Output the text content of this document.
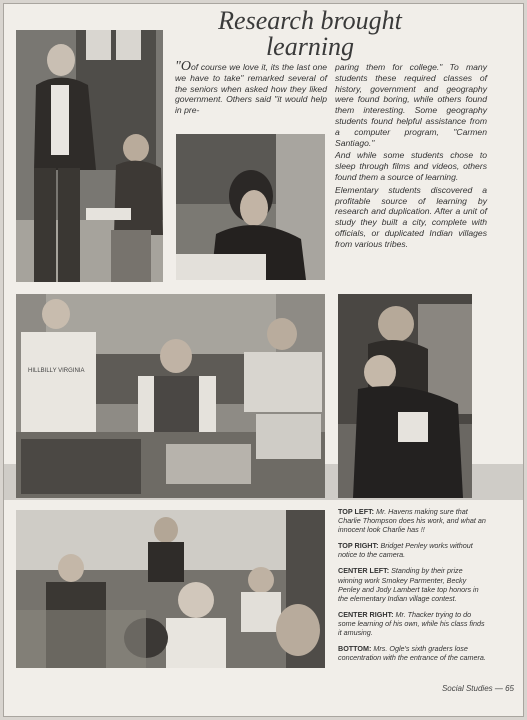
Research brought learning

"Oof course we love it, its the last one we have to take" remarked several of the seniors when asked how they liked government. Others said "it would help in pre-

paring them for college." To many students these required classes of history, government and geography were found boring, while others found them interesting. Some geography students found helpful assistance from a computer program, "Carmen Santiago."

And while some students chose to sleep through films and videos, others found them a source of learning.

Elementary students discovered a profitable source of learning by research and duplication. After a unit of study they built a city, complete with officials, or duplicated Indian villages from various tribes.

HILLBILLY VIRGINIA

TOP LEFT: Mr. Havens making sure that Charlie Thompson does his work, and what an innocent look Charlie has !!

TOP RIGHT: Bridget Penley works without notice to the camera.

CENTER LEFT: Standing by their prize winning work Smokey Parmenter, Becky Penley and Jody Lambert take top honors in the elementary Indian village contest.

CENTER RIGHT: Mr. Thacker trying to do some learning of his own, while his class finds it amusing.

BOTTOM: Mrs. Ogle's sixth graders lose concentration with the entrance of the camera.

Social Studies — 65
